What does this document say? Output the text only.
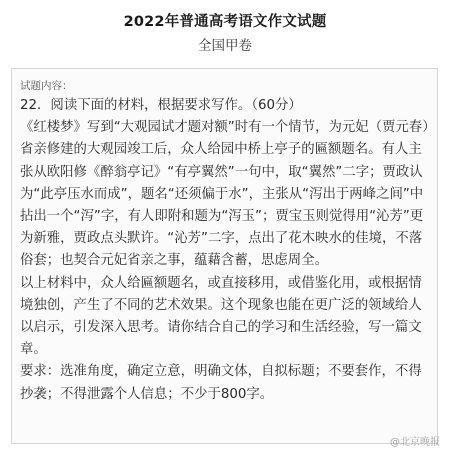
2022年普通高考语文作文试题
全国甲卷
试题内容：

22．阅读下面的材料，根据要求写作。（60分）

《红楼梦》写到“大观园试才题对额”时有一个情节，为元妃（贾元春）省亲修建的大观园竣工后，众人给园中桥上亭子的匾额题名。有人主张从欧阳修《醉翁亭记》“有亭翼然”一句中，取“翼然”二字；贾政认为“此亭压水而成”，题名“还须偏于水”，主张从“泻出于两峰之间”中拈出一个“泻”字，有人即附和题为“泻玉”；贾宝玉则觉得用“沁芳”更为新雅，贾政点头默许。“沁芳”二字，点出了花木映水的佳境，不落俗套；也契合元妃省亲之事，蕴藉含蓄，思虑周全。

以上材料中，众人给匾额题名，或直接移用，或借鉴化用，或根据情境独创，产生了不同的艺术效果。这个现象也能在更广泛的领域给人以启示，引发深入思考。请你结合自己的学习和生活经验，写一篇文章。

要求：选准角度，确定立意，明确文体，自拟标题；不要套作，不得抄袭；不得泄露个人信息；不少于800字。

@北京晚报
